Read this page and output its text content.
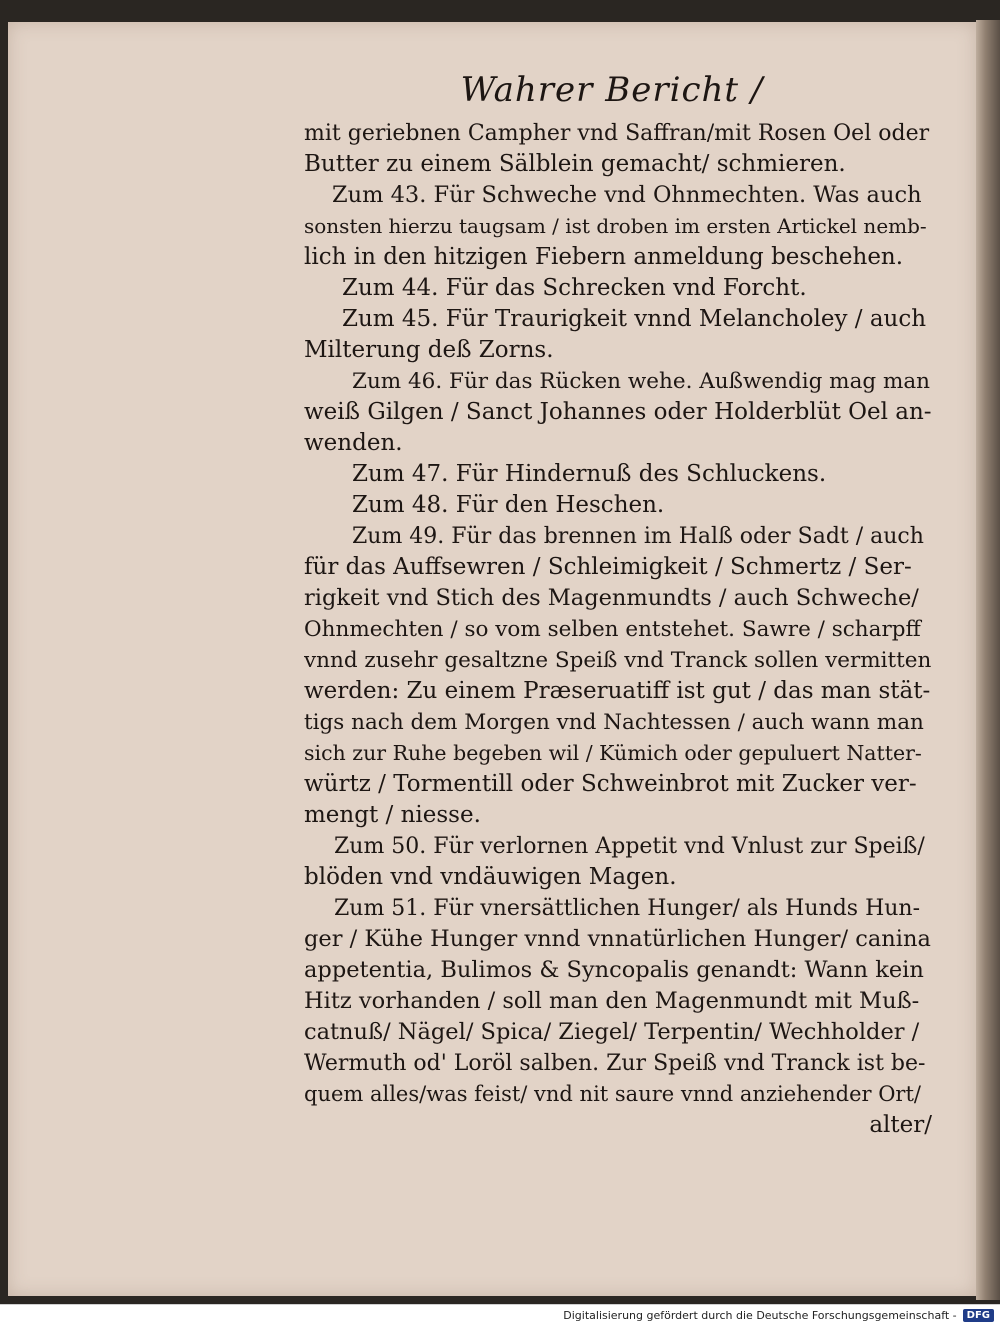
Wahrer Bericht /
mit geriebnen Campher vnd Saffran/mit Rosen Oel oder
Butter zu einem Sälblein gemacht/ schmieren.
Zum 43. Für Schweche vnd Ohnmechten. Was auch
sonsten hierzu taugsam / ist droben im ersten Artickel nemb-
lich in den hitzigen Fiebern anmeldung beschehen.
Zum 44. Für das Schrecken vnd Forcht.
Zum 45. Für Traurigkeit vnnd Melancholey / auch
Milterung deß Zorns.
Zum 46. Für das Rücken wehe. Außwendig mag man
weiß Gilgen / Sanct Johannes oder Holderblüt Oel an-
wenden.
Zum 47. Für Hindernuß des Schluckens.
Zum 48. Für den Heschen.
Zum 49. Für das brennen im Halß oder Sadt / auch
für das Auffsewren / Schleimigkeit / Schmertz / Ser-
rigkeit vnd Stich des Magenmundts / auch Schweche/
Ohnmechten / so vom selben entstehet. Sawre / scharpff
vnnd zusehr gesaltzne Speiß vnd Tranck sollen vermitten
werden: Zu einem Præseruatiff ist gut / das man stät-
tigs nach dem Morgen vnd Nachtessen / auch wann man
sich zur Ruhe begeben wil / Kümich oder gepuluert Natter-
würtz / Tormentill oder Schweinbrot mit Zucker ver-
mengt / niesse.
Zum 50. Für verlornen Appetit vnd Vnlust zur Speiß/
blöden vnd vndäuwigen Magen.
Zum 51. Für vnersättlichen Hunger/ als Hunds Hun-
ger / Kühe Hunger vnnd vnnatürlichen Hunger/ canina
appetentia, Bulimos & Syncopalis genandt: Wann kein
Hitz vorhanden / soll man den Magenmundt mit Muß-
catnuß/ Nägel/ Spica/ Ziegel/ Terpentin/ Wechholder /
Wermuth od' Loröl salben. Zur Speiß vnd Tranck ist be-
quem alles/was feist/ vnd nit saure vnnd anziehender Ort/
alter/
Digitalisierung gefördert durch die Deutsche Forschungsgemeinschaft -	DFG
